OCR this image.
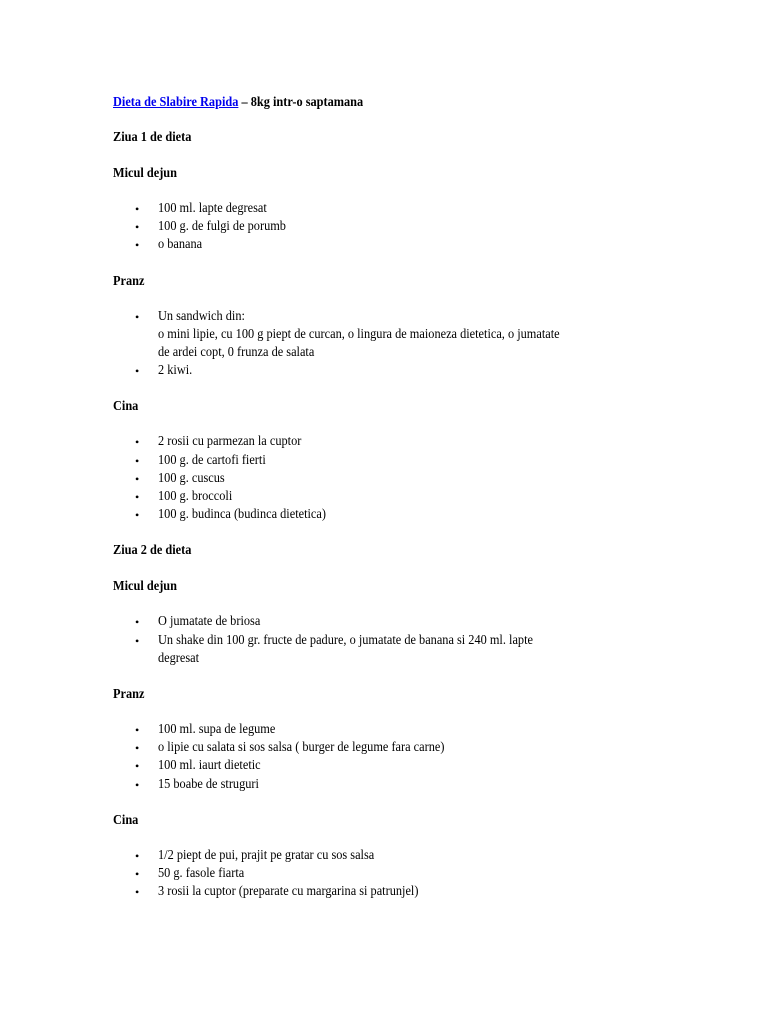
Dieta de Slabire Rapida – 8kg intr-o saptamana
Ziua 1 de dieta
Micul dejun
• 100 ml. lapte degresat
• 100 g. de fulgi de porumb
• o banana
Pranz
• Un sandwich din:
o mini lipie, cu 100 g piept de curcan, o lingura de maioneza dietetica, o jumatate
de ardei copt, 0 frunza de salata
• 2 kiwi.
Cina
• 2 rosii cu parmezan la cuptor
• 100 g. de cartofi fierti
• 100 g. cuscus
• 100 g. broccoli
• 100 g. budinca (budinca dietetica)
Ziua 2 de dieta
Micul dejun
• O jumatate de briosa
• Un shake din 100 gr. fructe de padure, o jumatate de banana si 240 ml. lapte
degresat
Pranz
• 100 ml. supa de legume
• o lipie cu salata si sos salsa ( burger de legume fara carne)
• 100 ml. iaurt dietetic
• 15 boabe de struguri
Cina
• 1/2 piept de pui, prajit pe gratar cu sos salsa
• 50 g. fasole fiarta
• 3 rosii la cuptor (preparate cu margarina si patrunjel)
